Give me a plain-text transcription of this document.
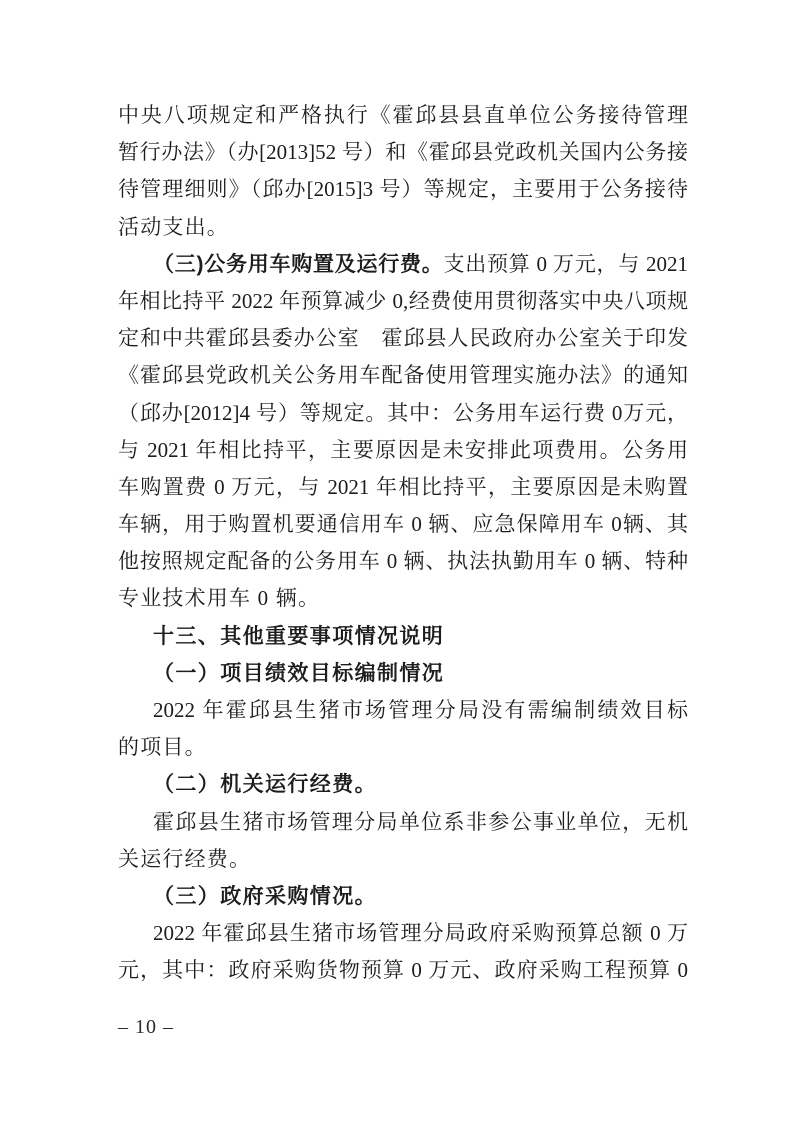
中央八项规定和严格执行《霍邱县县直单位公务接待管理
暂行办法》（办[2013]52 号）和《霍邱县党政机关国内公务接
待管理细则》（邱办[2015]3 号）等规定，主要用于公务接待
活动支出。
（三)公务用车购置及运行费。支出预算 0 万元，与 2021
年相比持平 2022 年预算减少 0,经费使用贯彻落实中央八项规
定和中共霍邱县委办公室　霍邱县人民政府办公室关于印发
《霍邱县党政机关公务用车配备使用管理实施办法》的通知
（邱办[2012]4 号）等规定。其中：公务用车运行费 0万元，
与 2021 年相比持平，主要原因是未安排此项费用。公务用
车购置费 0 万元，与 2021 年相比持平，主要原因是未购置
车辆，用于购置机要通信用车 0 辆、应急保障用车 0辆、其
他按照规定配备的公务用车 0 辆、执法执勤用车 0 辆、特种
专业技术用车 0 辆。
十三、其他重要事项情况说明
（一）项目绩效目标编制情况
2022 年霍邱县生猪市场管理分局没有需编制绩效目标
的项目。
（二）机关运行经费。
霍邱县生猪市场管理分局单位系非参公事业单位，无机
关运行经费。
（三）政府采购情况。
2022 年霍邱县生猪市场管理分局政府采购预算总额 0 万
元，其中：政府采购货物预算 0 万元、政府采购工程预算 0
– 10 –
